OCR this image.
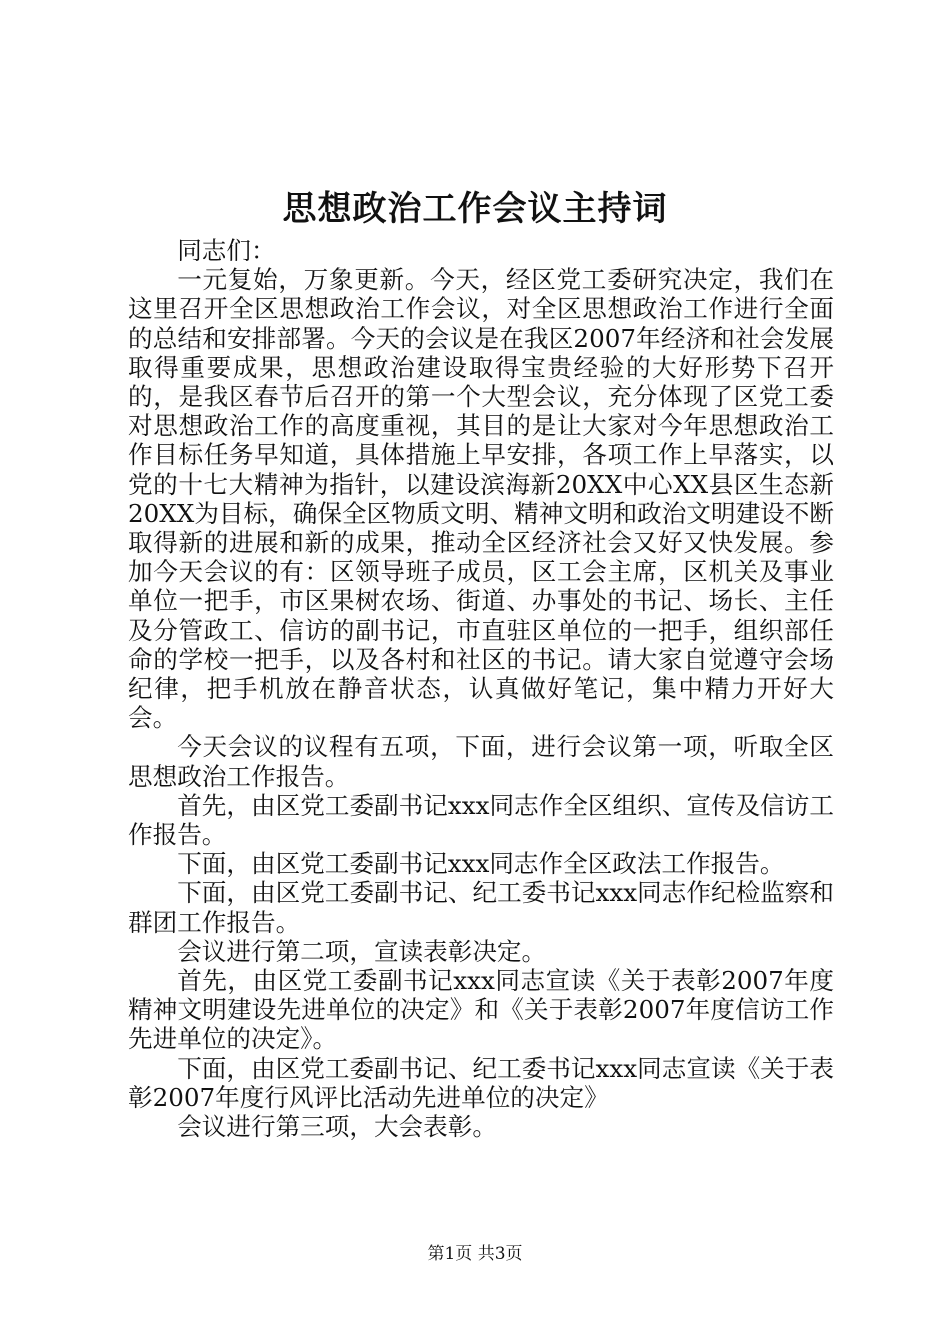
思想政治工作会议主持词

同志们：

一元复始，万象更新。今天，经区党工委研究决定，我们在这里召开全区思想政治工作会议，对全区思想政治工作进行全面的总结和安排部署。今天的会议是在我区2007年经济和社会发展取得重要成果，思想政治建设取得宝贵经验的大好形势下召开的，是我区春节后召开的第一个大型会议，充分体现了区党工委对思想政治工作的高度重视，其目的是让大家对今年思想政治工作目标任务早知道，具体措施上早安排，各项工作上早落实，以党的十七大精神为指针，以建设滨海新20XX中心XX县区生态新20XX为目标，确保全区物质文明、精神文明和政治文明建设不断取得新的进展和新的成果，推动全区经济社会又好又快发展。参加今天会议的有：区领导班子成员，区工会主席，区机关及事业单位一把手，市区果树农场、街道、办事处的书记、场长、主任及分管政工、信访的副书记，市直驻区单位的一把手，组织部任命的学校一把手，以及各村和社区的书记。请大家自觉遵守会场纪律，把手机放在静音状态，认真做好笔记，集中精力开好大会。

今天会议的议程有五项，下面，进行会议第一项，听取全区思想政治工作报告。

首先，由区党工委副书记xxx同志作全区组织、宣传及信访工作报告。

下面，由区党工委副书记xxx同志作全区政法工作报告。

下面，由区党工委副书记、纪工委书记xxx同志作纪检监察和群团工作报告。

会议进行第二项，宣读表彰决定。

首先，由区党工委副书记xxx同志宣读《关于表彰2007年度精神文明建设先进单位的决定》和《关于表彰2007年度信访工作先进单位的决定》。

下面，由区党工委副书记、纪工委书记xxx同志宣读《关于表彰2007年度行风评比活动先进单位的决定》

会议进行第三项，大会表彰。

第1页 共3页
